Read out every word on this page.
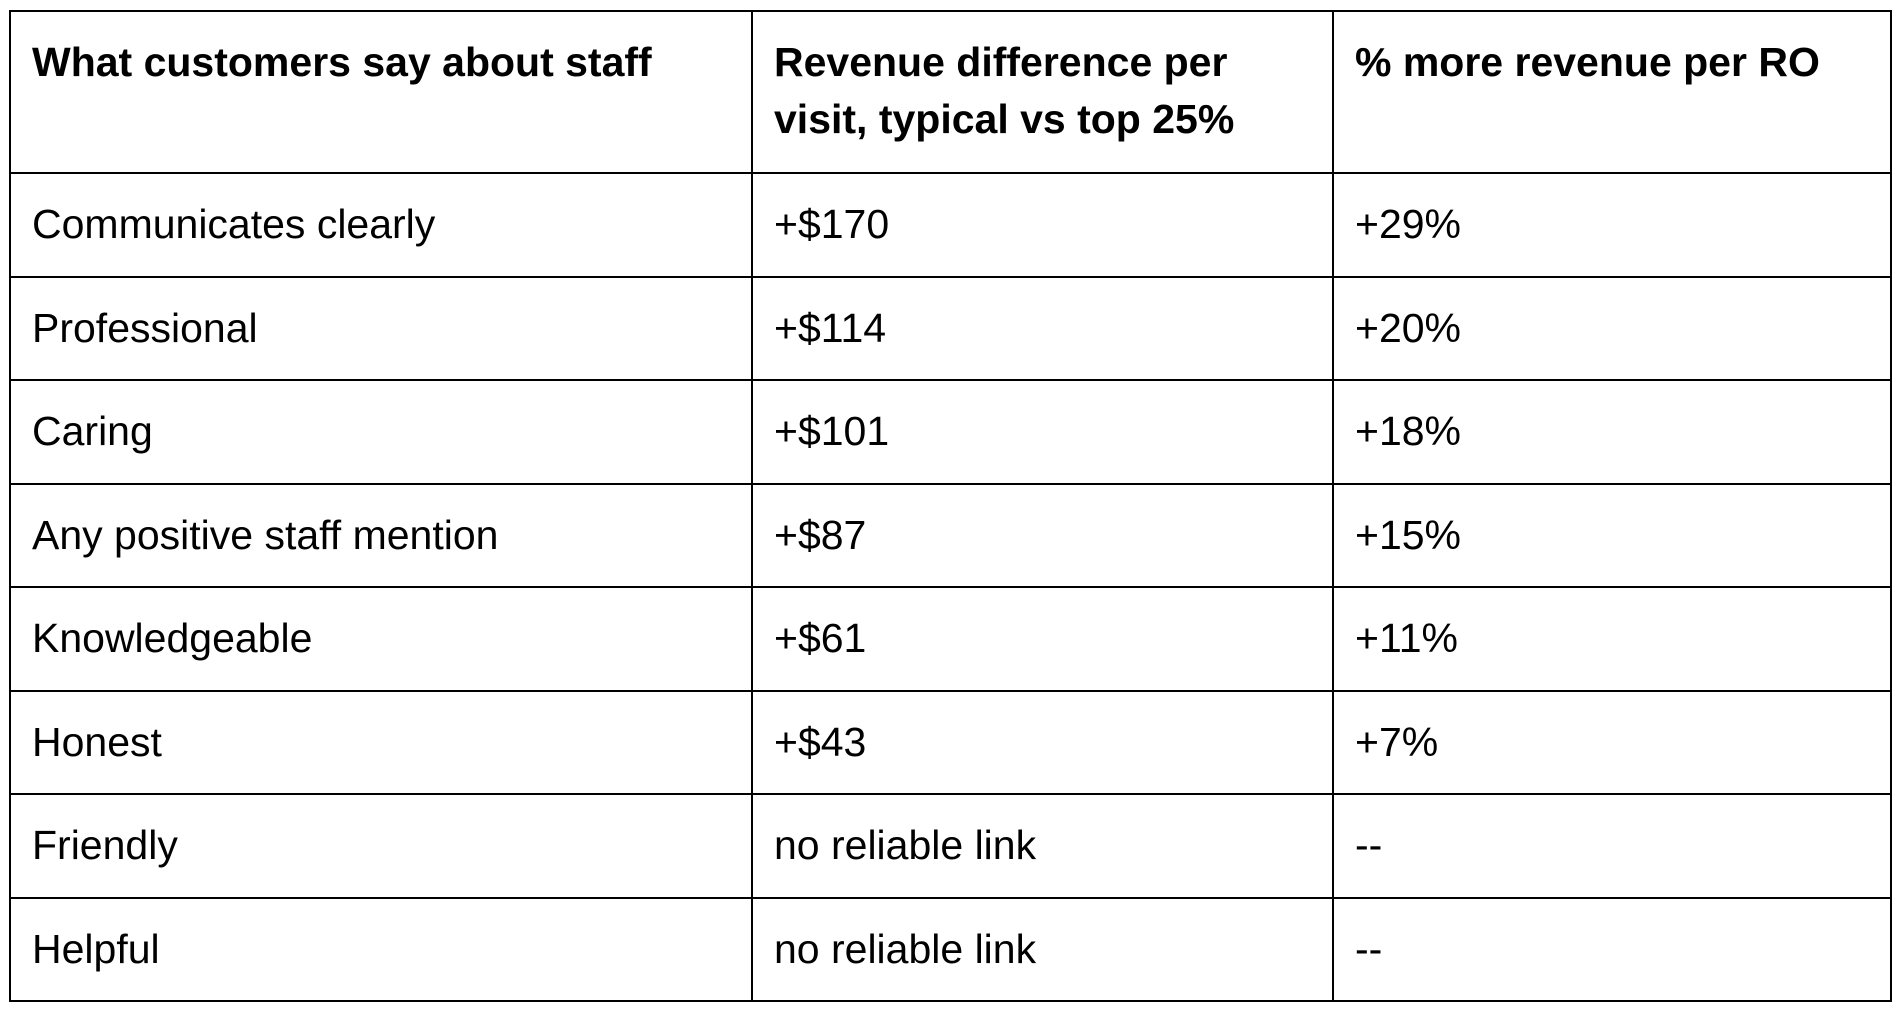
What customers say about staff	Revenue difference per visit, typical vs top 25%	% more revenue per RO
Communicates clearly	+$170	+29%
Professional	+$114	+20%
Caring	+$101	+18%
Any positive staff mention	+$87	+15%
Knowledgeable	+$61	+11%
Honest	+$43	+7%
Friendly	no reliable link	--
Helpful	no reliable link	--
